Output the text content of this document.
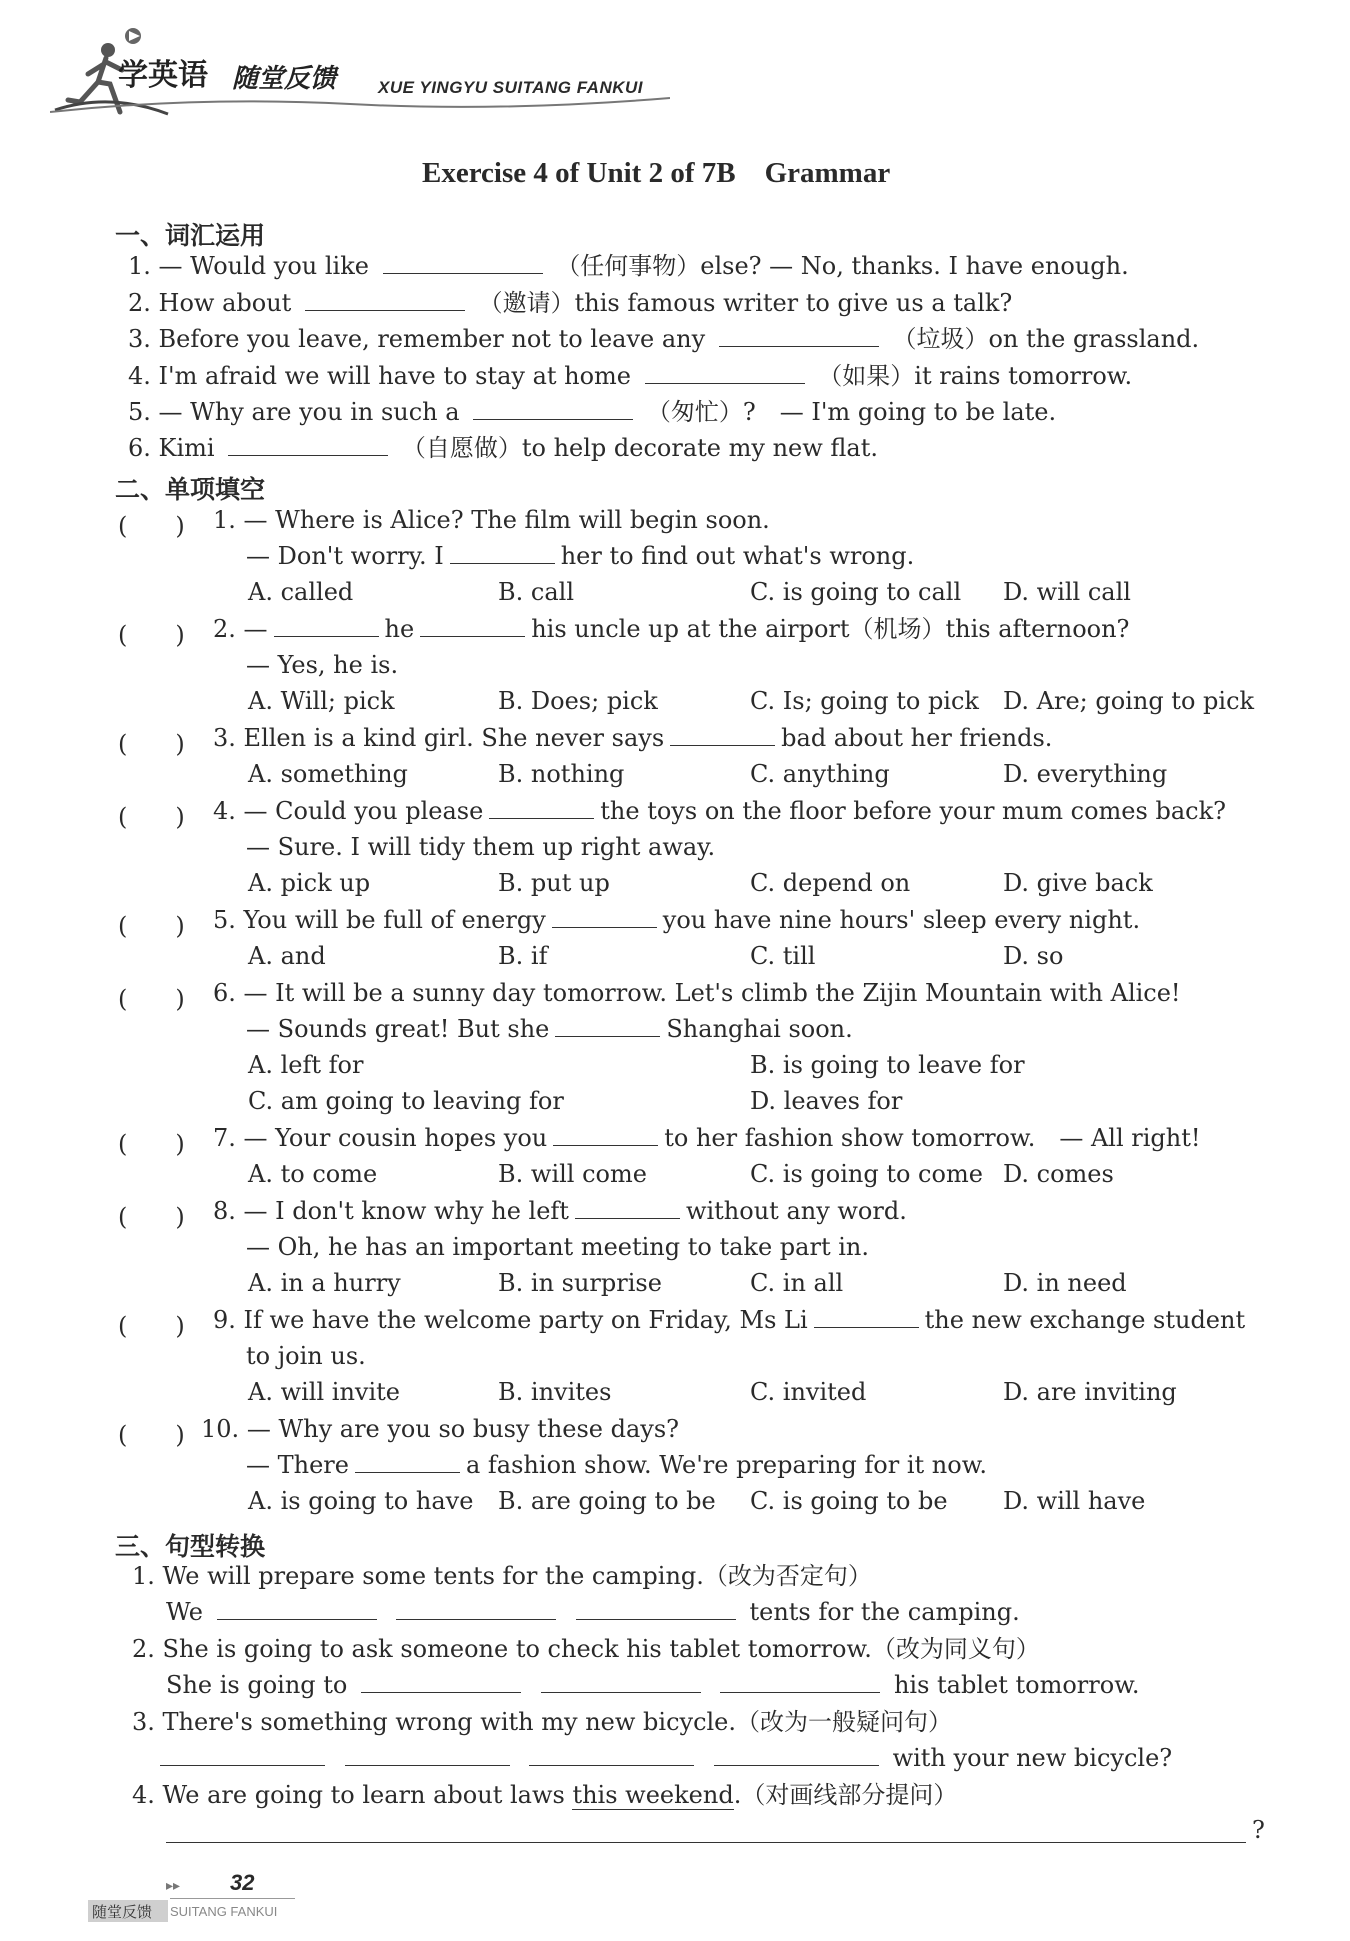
学英语 随堂反馈 XUE YINGYU SUITANG FANKUI
Exercise 4 of Unit 2 of 7B　Grammar
一、词汇运用
1. — Would you like	（任何事物）else? — No, thanks. I have enough.
2. How about	（邀请）this famous writer to give us a talk?
3. Before you leave, remember not to leave any	（垃圾）on the grassland.
4. I'm afraid we will have to stay at home	（如果）it rains tomorrow.
5. — Why are you in such a	（匆忙）?　— I'm going to be late.
6. Kimi	（自愿做）to help decorate my new flat.
二、单项填空
(　　) 1. — Where is Alice? The film will begin soon.
— Don't worry. I	her to find out what's wrong.
A. called	B. call	C. is going to call D. will call
(　　) 2. —	he	his uncle up at the airport（机场）this afternoon?
— Yes, he is.
A. Will; pick	B. Does; pick	C. Is; going to pick D. Are; going to pick
(　　) 3. Ellen is a kind girl. She never says	bad about her friends.
A. something	B. nothing	C. anything	D. everything
(　　) 4. — Could you please	the toys on the floor before your mum comes back?
— Sure. I will tidy them up right away.
A. pick up	B. put up	C. depend on	D. give back
(　　) 5. You will be full of energy	you have nine hours' sleep every night.
A. and	B. if	C. till	D. so
(　　) 6. — It will be a sunny day tomorrow. Let's climb the Zijin Mountain with Alice!
— Sounds great! But she	Shanghai soon.
A. left for	B. is going to leave for
C. am going to leaving for	D. leaves for
(　　) 7. — Your cousin hopes you	to her fashion show tomorrow.　— All right!
A. to come	B. will come	C. is going to come D. comes
(　　) 8. — I don't know why he left	without any word.
— Oh, he has an important meeting to take part in.
A. in a hurry	B. in surprise	C. in all	D. in need
(　　) 9. If we have the welcome party on Friday, Ms Li	the new exchange student
to join us.
A. will invite	B. invites	C. invited	D. are inviting
(　　) 10. — Why are you so busy these days?
— There	a fashion show. We're preparing for it now.
A. is going to have B. are going to be C. is going to be D. will have
三、句型转换
1. We will prepare some tents for the camping.（改为否定句）
We	tents for the camping.
2. She is going to ask someone to check his tablet tomorrow.（改为同义句）
She is going to	his tablet tomorrow.
3. There's something wrong with my new bicycle.（改为一般疑问句）
with your new bicycle?
4. We are going to learn about laws this weekend.（对画线部分提问）
?
▸▸ 32
随堂反馈 SUITANG FANKUI
